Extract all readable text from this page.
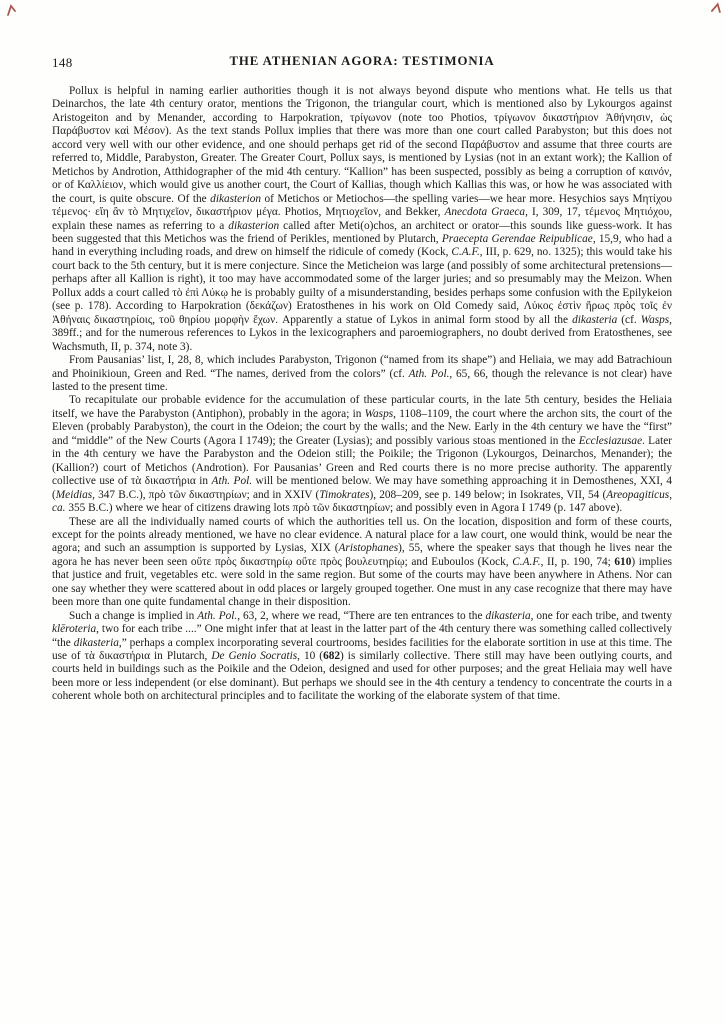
148	THE ATHENIAN AGORA: TESTIMONIA

Pollux is helpful in naming earlier authorities though it is not always beyond dispute who mentions what. He tells us that Deinarchos, the late 4th century orator, mentions the Trigonon, the triangular court, which is mentioned also by Lykourgos against Aristogeiton and by Menander, according to Harpokration, τρίγωνον (note too Photios, τρίγωνον δικαστήριον Ἀθήνησιν, ὡς Παράβυστον καὶ Μέσον). As the text stands Pollux implies that there was more than one court called Parabyston; but this does not accord very well with our other evidence, and one should perhaps get rid of the second Παράβυστον and assume that three courts are referred to, Middle, Parabyston, Greater. The Greater Court, Pollux says, is mentioned by Lysias (not in an extant work); the Kallion of Metichos by Androtion, Atthidographer of the mid 4th century. “Kallion” has been suspected, possibly as being a corruption of καινόν, or of Καλλίειον, which would give us another court, the Court of Kallias, though which Kallias this was, or how he was associated with the court, is quite obscure. Of the dikasterion of Metichos or Metiochos—the spelling varies—we hear more. Hesychios says Μητίχου τέμενος· εἴη ἂν τὸ Μητιχεῖον, δικαστήριον μέγα. Photios, Μητιοχεῖον, and Bekker, Anecdota Graeca, I, 309, 17, τέμενος Μητιόχου, explain these names as referring to a dikasterion called after Meti(o)chos, an architect or orator—this sounds like guess-work. It has been suggested that this Metichos was the friend of Perikles, mentioned by Plutarch, Praecepta Gerendae Reipublicae, 15,9, who had a hand in everything including roads, and drew on himself the ridicule of comedy (Kock, C.A.F., III, p. 629, no. 1325); this would take his court back to the 5th century, but it is mere conjecture. Since the Meticheion was large (and possibly of some architectural pretensions—perhaps after all Kallion is right), it too may have accommodated some of the larger juries; and so presumably may the Meizon. When Pollux adds a court called τὸ ἐπὶ Λύκῳ he is probably guilty of a misunderstanding, besides perhaps some confusion with the Epilykeion (see p. 178). According to Harpokration (δεκάζων) Eratosthenes in his work on Old Comedy said, Λύκος ἐστὶν ἥρως πρὸς τοῖς ἐν Ἀθήναις δικαστηρίοις, τοῦ θηρίου μορφὴν ἔχων. Apparently a statue of Lykos in animal form stood by all the dikasteria (cf. Wasps, 389ff.; and for the numerous references to Lykos in the lexicographers and paroemiographers, no doubt derived from Eratosthenes, see Wachsmuth, II, p. 374, note 3).

From Pausanias’ list, I, 28, 8, which includes Parabyston, Trigonon (“named from its shape”) and Heliaia, we may add Batrachioun and Phoinikioun, Green and Red. “The names, derived from the colors” (cf. Ath. Pol., 65, 66, though the relevance is not clear) have lasted to the present time.

To recapitulate our probable evidence for the accumulation of these particular courts, in the late 5th century, besides the Heliaia itself, we have the Parabyston (Antiphon), probably in the agora; in Wasps, 1108–1109, the court where the archon sits, the court of the Eleven (probably Parabyston), the court in the Odeion; the court by the walls; and the New. Early in the 4th century we have the “first” and “middle” of the New Courts (Agora I 1749); the Greater (Lysias); and possibly various stoas mentioned in the Ecclesiazusae. Later in the 4th century we have the Parabyston and the Odeion still; the Poikile; the Trigonon (Lykourgos, Deinarchos, Menander); the (Kallion?) court of Metichos (Androtion). For Pausanias’ Green and Red courts there is no more precise authority. The apparently collective use of τὰ δικαστήρια in Ath. Pol. will be mentioned below. We may have something approaching it in Demosthenes, XXI, 4 (Meidias, 347 B.C.), πρὸ τῶν δικαστηρίων; and in XXIV (Timokrates), 208–209, see p. 149 below; in Isokrates, VII, 54 (Areopagiticus, ca. 355 B.C.) where we hear of citizens drawing lots πρὸ τῶν δικαστηρίων; and possibly even in Agora I 1749 (p. 147 above).

These are all the individually named courts of which the authorities tell us. On the location, disposition and form of these courts, except for the points already mentioned, we have no clear evidence. A natural place for a law court, one would think, would be near the agora; and such an assumption is supported by Lysias, XIX (Aristophanes), 55, where the speaker says that though he lives near the agora he has never been seen οὔτε πρὸς δικαστηρίῳ οὔτε πρὸς βουλευτηρίῳ; and Euboulos (Kock, C.A.F., II, p. 190, 74; 610) implies that justice and fruit, vegetables etc. were sold in the same region. But some of the courts may have been anywhere in Athens. Nor can one say whether they were scattered about in odd places or largely grouped together. One must in any case recognize that there may have been more than one quite fundamental change in their disposition.

Such a change is implied in Ath. Pol., 63, 2, where we read, “There are ten entrances to the dikasteria, one for each tribe, and twenty klēroteria, two for each tribe ....” One might infer that at least in the latter part of the 4th century there was something called collectively “the dikasteria,” perhaps a complex incorporating several courtrooms, besides facilities for the elaborate sortition in use at this time. The use of τὰ δικαστήρια in Plutarch, De Genio Socratis, 10 (682) is similarly collective. There still may have been outlying courts, and courts held in buildings such as the Poikile and the Odeion, designed and used for other purposes; and the great Heliaia may well have been more or less independent (or else dominant). But perhaps we should see in the 4th century a tendency to concentrate the courts in a coherent whole both on architectural principles and to facilitate the working of the elaborate system of that time.
